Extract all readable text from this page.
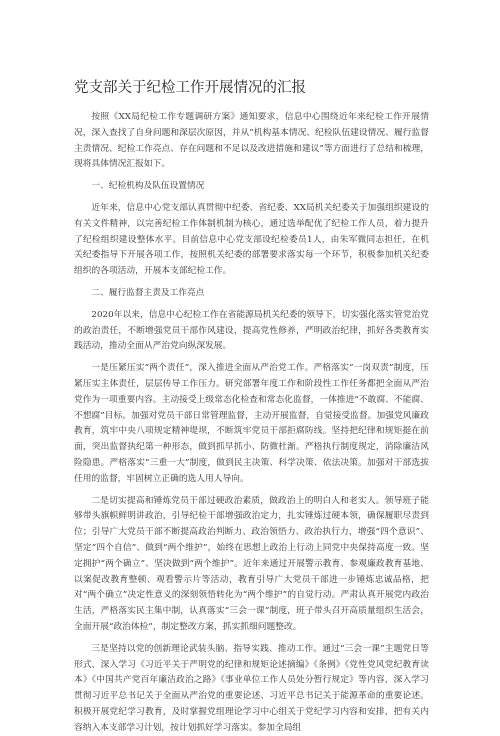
党支部关于纪检工作开展情况的汇报

按照《XX局纪检工作专题调研方案》通知要求，信息中心围绕近年来纪检工作开展情况，深入查找了自身问题和深层次原因，并从“机构基本情况、纪检队伍建设情况、履行监督主责情况、纪检工作亮点、存在问题和不足以及改进措施和建议”等方面进行了总结和梳理，现将具体情况汇报如下。

一、纪检机构及队伍设置情况

近年来，信息中心党支部认真贯彻中纪委、省纪委、XX局机关纪委关于加强组织建设的有关文件精神，以完善纪检工作体制机制为核心，通过选举配优了纪检工作人员，着力提升了纪检组织建设整体水平。目前信息中心党支部设纪检委员1人，由朱军微同志担任，在机关纪委指导下开展各项工作，按照机关纪委的部署要求落实每一个环节，积极参加机关纪委组织的各项活动，开展本支部纪检工作。

二、履行监督主责及工作亮点

2020年以来，信息中心纪检工作在省能源局机关纪委的领导下，切实强化落实管党治党的政治责任，不断增强党员干部作风建设，提高党性修养，严明政治纪律，抓好各类教育实践活动，推动全面从严治党向纵深发展。

一是压紧压实“两个责任”，深入推进全面从严治党工作。严格落实“一岗双责”制度，压紧压实主体责任，层层传导工作压力。研究部署年度工作和阶段性工作任务都把全面从严治党作为一项重要内容。主动接受上级常态化检查和常态化监督，一体推进“不敢腐、不能腐、不想腐”目标。加强对党员干部日常管理监督，主动开展监督，自觉接受监督。加强党风廉政教育，筑牢中央八项规定精神堤坝，不断筑牢党员干部拒腐防线。坚持把纪律和规矩挺在前面，突出监督执纪第一种形态，做到抓早抓小、防微杜渐。严格执行制度规定，消除廉洁风险隐患。严格落实“三重一大”制度，做到民主决策、科学决策、依法决策。加强对干部选拔任用的监督，牢固树立正确的选人用人导向。

二是切实提高和锤炼党员干部过硬政治素质，做政治上的明白人和老实人。领导班子能够带头旗帜鲜明讲政治，引导纪检干部增强政治定力，扎实锤炼过硬本领，确保履职尽责到位；引导广大党员干部不断提高政治判断力、政治领悟力、政治执行力，增强“四个意识”、坚定“四个自信”、做到“两个维护”，始终在思想上政治上行动上同党中央保持高度一致。坚定拥护“两个确立”、坚决做到“两个维护”。近年来通过开展警示教育、参观廉政教育基地、以案促改教育整顿、观看警示片等活动，教育引导广大党员干部进一步锤炼忠诚品格，把对“两个确立”决定性意义的深刻领悟转化为“两个维护”的自觉行动。严肃认真开展党内政治生活，严格落实民主集中制，认真落实“三会一课”制度，班子带头召开高质量组织生活会，全面开展“政治体检”，制定整改方案，抓实抓细问题整改。

三是坚持以党的创新理论武装头脑、指导实践、推动工作。通过“三会一课”主题党日等形式，深入学习《习近平关于严明党的纪律和规矩论述摘编》《条例》《党性党风党纪教育读本》《中国共产党百年廉洁政治之路》《事业单位工作人员处分暂行规定》等内容，深入学习贯彻习近平总书记关于全面从严治党的重要论述、习近平总书记关于能源革命的重要论述。积极开展党纪学习教育，及时掌握党组理论学习中心组关于党纪学习内容和安排，把有关内容纳入本支部学习计划，按计划抓好学习落实。参加全局组
